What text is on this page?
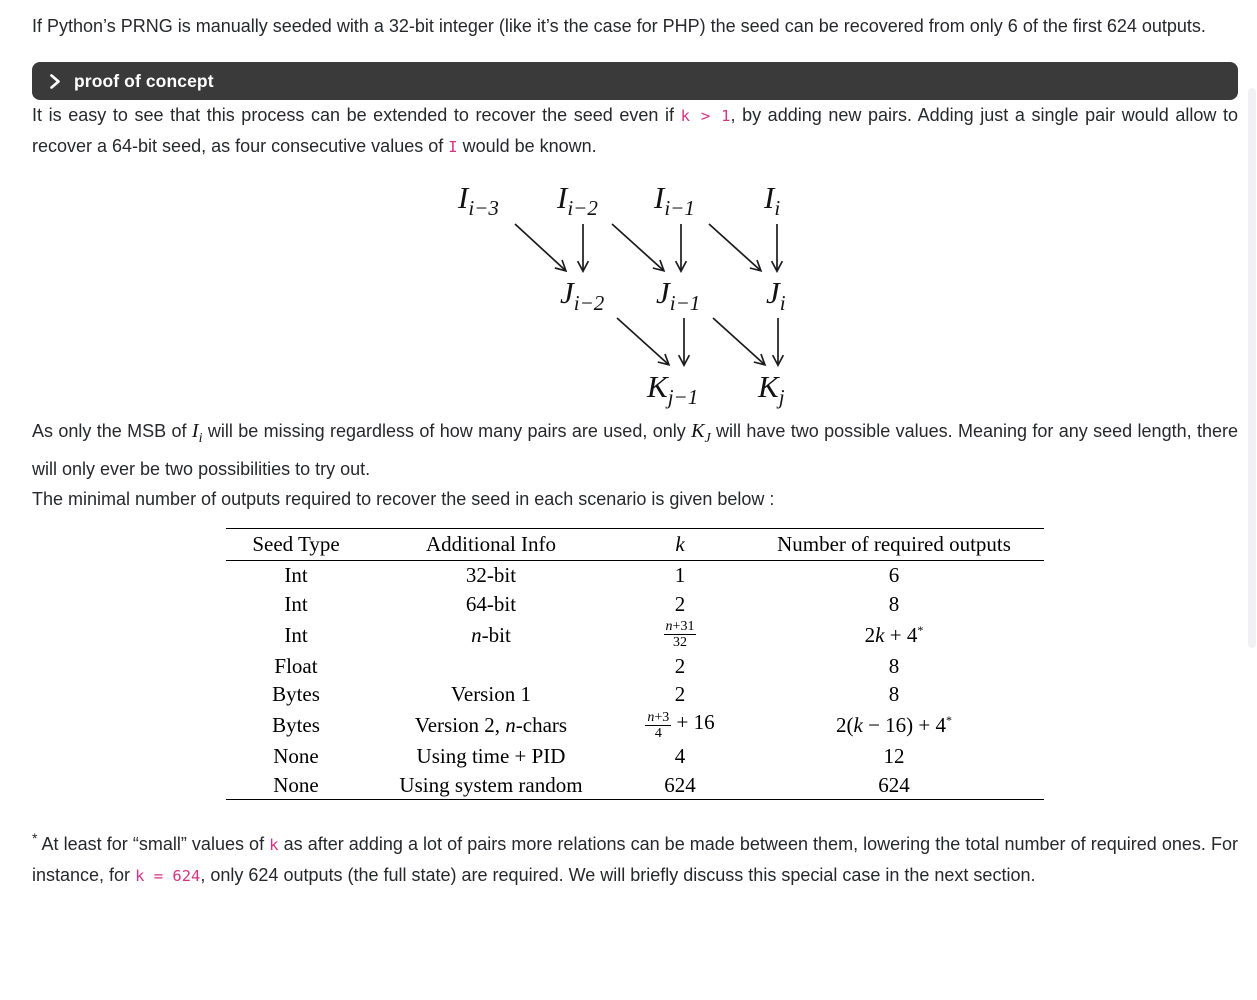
If Python’s PRNG is manually seeded with a 32-bit integer (like it’s the case for PHP) the seed can be recovered from only 6 of the first 624 outputs.

proof of concept

It is easy to see that this process can be extended to recover the seed even if k > 1, by adding new pairs. Adding just a single pair would allow to recover a 64-bit seed, as four consecutive values of I would be known.

$I_{i-3}$ $I_{i-2}$ $I_{i-1}$ $I_i$
$J_{i-2}$ $J_{i-1}$ $J_i$
$K_{j-1}$ $K_j$

As only the MSB of $I_i$ will be missing regardless of how many pairs are used, only $K_J$ will have two possible values. Meaning for any seed length, there will only ever be two possibilities to try out.

The minimal number of outputs required to recover the seed in each scenario is given below :

Seed Type	Additional Info	k	Number of required outputs
Int	32-bit	1	6
Int	64-bit	2	8
Int	n-bit	$\frac{n+31}{32}$	2k + 4*
Float		2	8
Bytes	Version 1	2	8
Bytes	Version 2, n-chars	$\frac{n+3}{4} + 16$	2(k − 16) + 4*
None	Using time + PID	4	12
None	Using system random	624	624

* At least for “small” values of k as after adding a lot of pairs more relations can be made between them, lowering the total number of required ones. For instance, for k = 624, only 624 outputs (the full state) are required. We will briefly discuss this special case in the next section.
